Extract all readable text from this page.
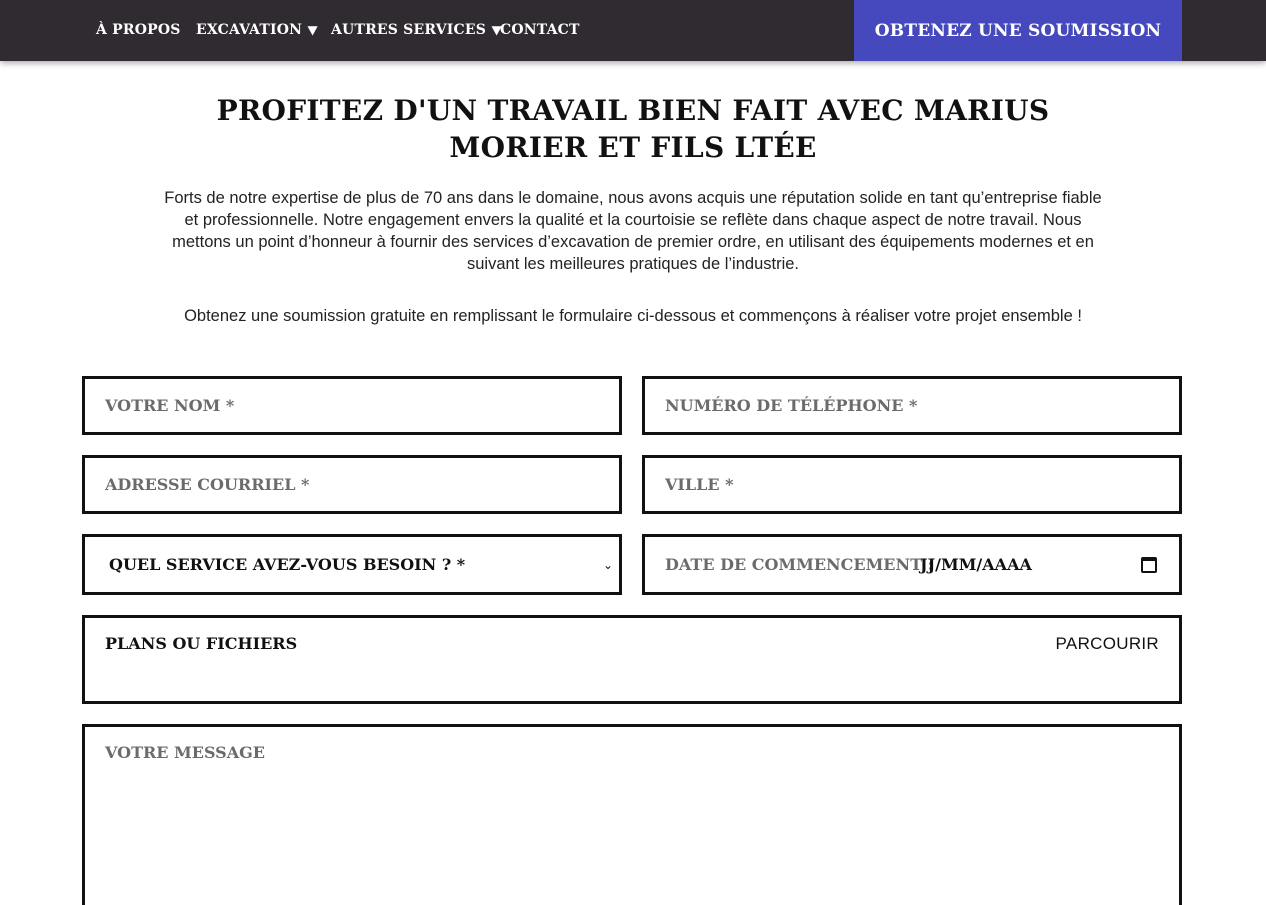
À PROPOS EXCAVATION ▼ AUTRES SERVICES ▼
CONTACT	OBTENEZ UNE SOUMISSION
PROFITEZ D'UN TRAVAIL BIEN FAIT AVEC MARIUS MORIER ET FILS LTÉE

Forts de notre expertise de plus de 70 ans dans le domaine, nous avons acquis une réputation solide en tant qu’entreprise fiable et professionnelle. Notre engagement envers la qualité et la courtoisie se reflète dans chaque aspect de notre travail. Nous mettons un point d’honneur à fournir des services d’excavation de premier ordre, en utilisant des équipements modernes et en suivant les meilleures pratiques de l’industrie.

Obtenez une soumission gratuite en remplissant le formulaire ci-dessous et commençons à réaliser votre projet ensemble !

VOTRE NOM *
NUMÉRO DE TÉLÉPHONE *
ADRESSE COURRIEL *
VILLE *
QUEL SERVICE AVEZ-VOUS BESOIN ? *
⌄	DATE DE COMMENCEMENT :
JJ/MM/AAAA
PLANS OU FICHIERS	PARCOURIR
VOTRE MESSAGE
